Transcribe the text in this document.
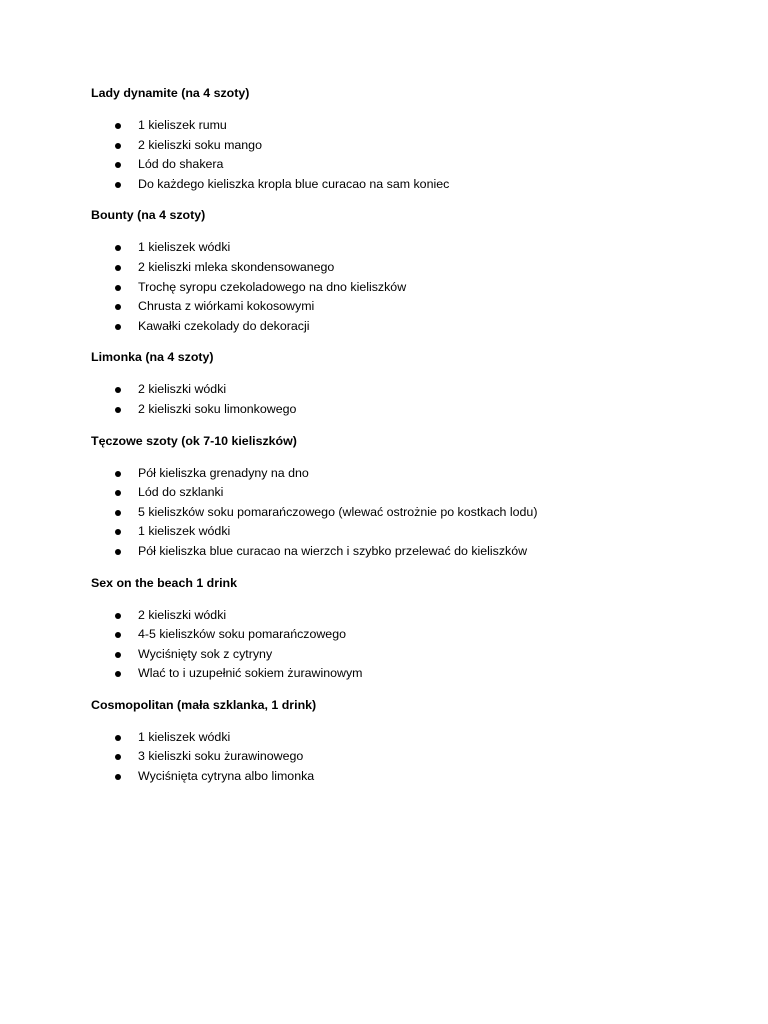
Lady dynamite (na 4 szoty)
1 kieliszek rumu
2 kieliszki soku mango
Lód do shakera
Do każdego kieliszka kropla blue curacao na sam koniec
Bounty (na 4 szoty)
1 kieliszek wódki
2 kieliszki mleka skondensowanego
Trochę syropu czekoladowego na dno kieliszków
Chrusta z wiórkami kokosowymi
Kawałki czekolady do dekoracji
Limonka (na 4 szoty)
2 kieliszki wódki
2 kieliszki soku limonkowego
Tęczowe szoty (ok 7-10 kieliszków)
Pół kieliszka grenadyny na dno
Lód do szklanki
5 kieliszków soku pomarańczowego (wlewać ostrożnie po kostkach lodu)
1 kieliszek wódki
Pół kieliszka blue curacao na wierzch i szybko przelewać do kieliszków
Sex on the beach 1 drink
2 kieliszki wódki
4-5 kieliszków soku pomarańczowego
Wyciśnięty sok z cytryny
Wlać to i uzupełnić sokiem żurawinowym
Cosmopolitan (mała szklanka, 1 drink)
1 kieliszek wódki
3 kieliszki soku żurawinowego
Wyciśnięta cytryna albo limonka
